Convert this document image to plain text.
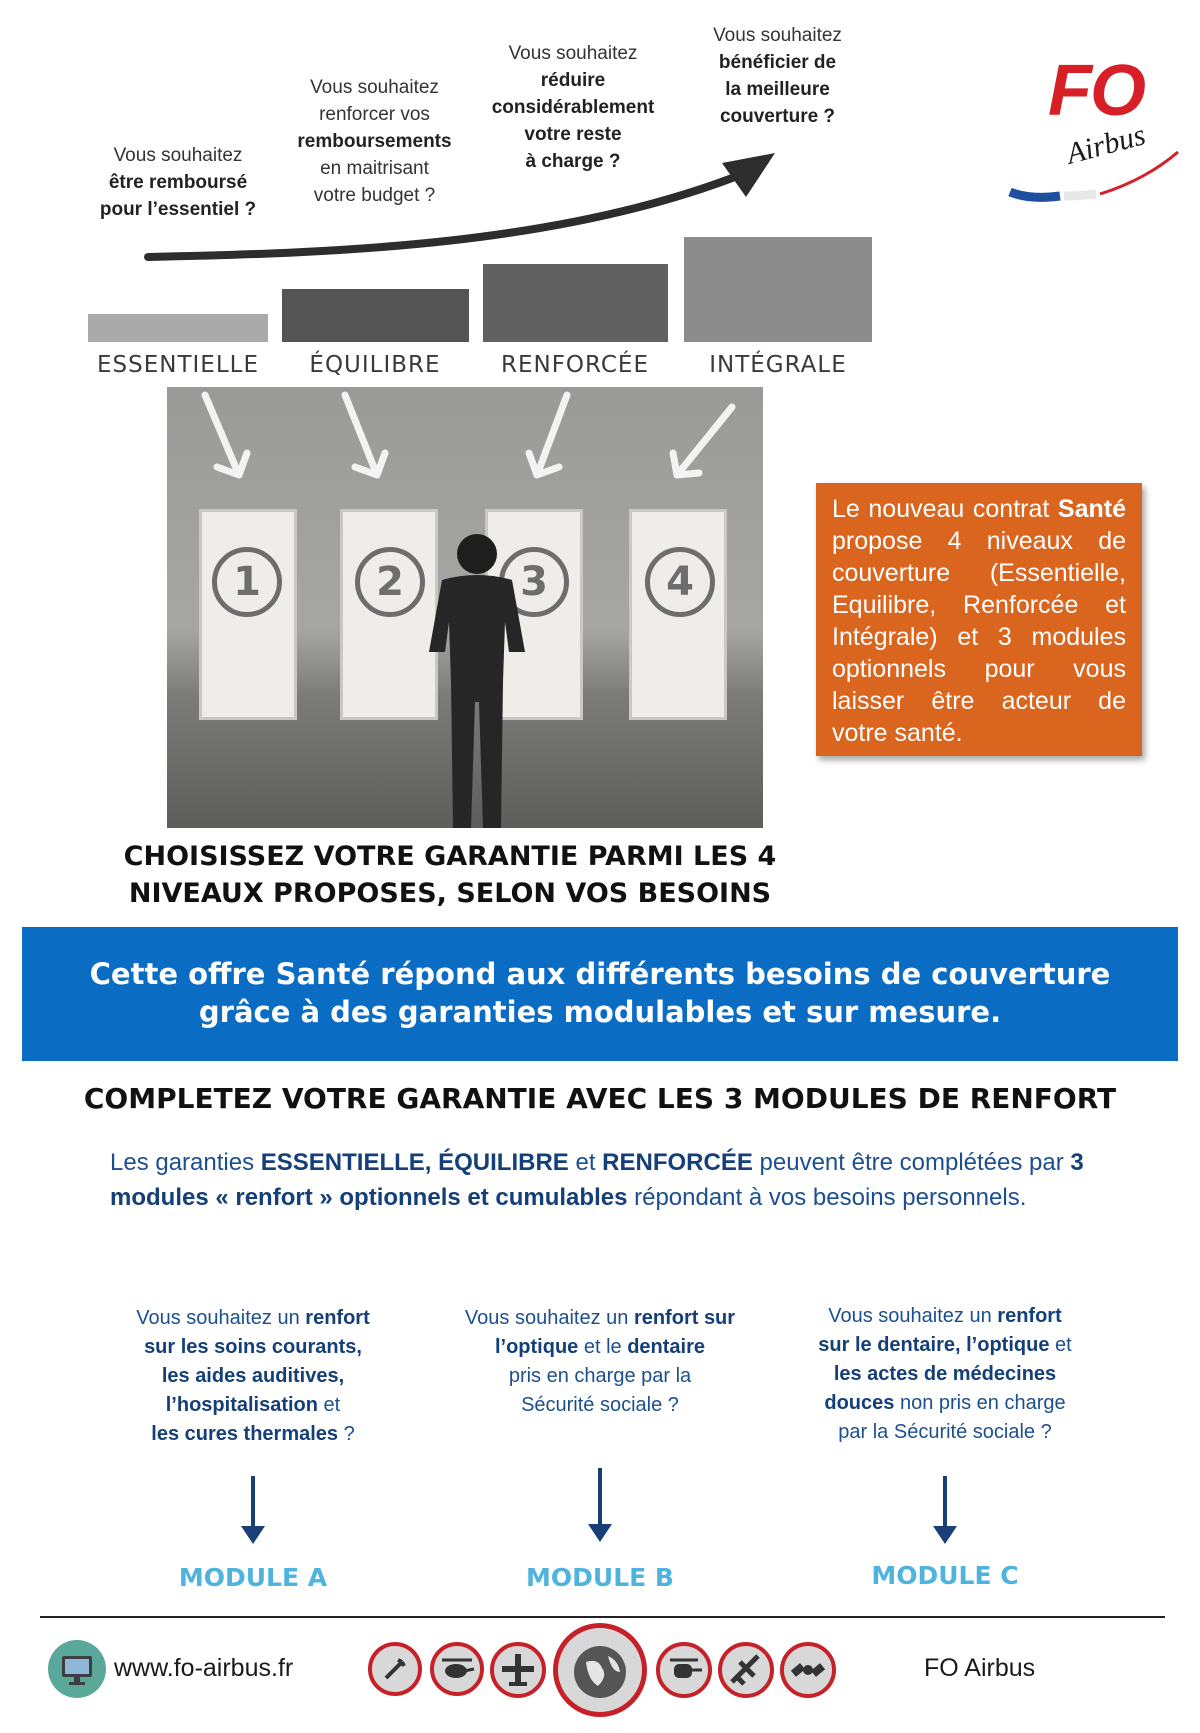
Vous souhaitez
être remboursé
pour l’essentiel ?
Vous souhaitez
renforcer vos
remboursements
en maitrisant
votre budget ?
Vous souhaitez
réduire
considérablement
votre reste
à charge ?
Vous souhaitez
bénéficier de
la meilleure
couverture ?
ESSENTIELLE	ÉQUILIBRE	RENFORCÉE	INTÉGRALE
FO
Airbus
1	2	3	4
Le nouveau contrat Santé propose 4 niveaux de couverture (Essentielle, Equilibre, Renforcée et Intégrale) et 3 modules optionnels pour vous laisser être acteur de votre santé.
CHOISISSEZ VOTRE GARANTIE PARMI LES 4
NIVEAUX PROPOSES, SELON VOS BESOINS
Cette offre Santé répond aux différents besoins de couverture
grâce à des garanties modulables et sur mesure.
COMPLETEZ VOTRE GARANTIE AVEC LES 3 MODULES DE RENFORT
Les garanties ESSENTIELLE, ÉQUILIBRE et RENFORCÉE peuvent être complétées par 3 modules « renfort » optionnels et cumulables répondant à vos besoins personnels.
Vous souhaitez un renfort
sur les soins courants,
les aides auditives,
l’hospitalisation et
les cures thermales ?
Vous souhaitez un renfort sur
l’optique et le dentaire
pris en charge par la
Sécurité sociale ?
Vous souhaitez un renfort
sur le dentaire, l’optique et
les actes de médecines
douces non pris en charge
par la Sécurité sociale ?
MODULE A	MODULE B	MODULE C
www.fo-airbus.fr	FO Airbus
